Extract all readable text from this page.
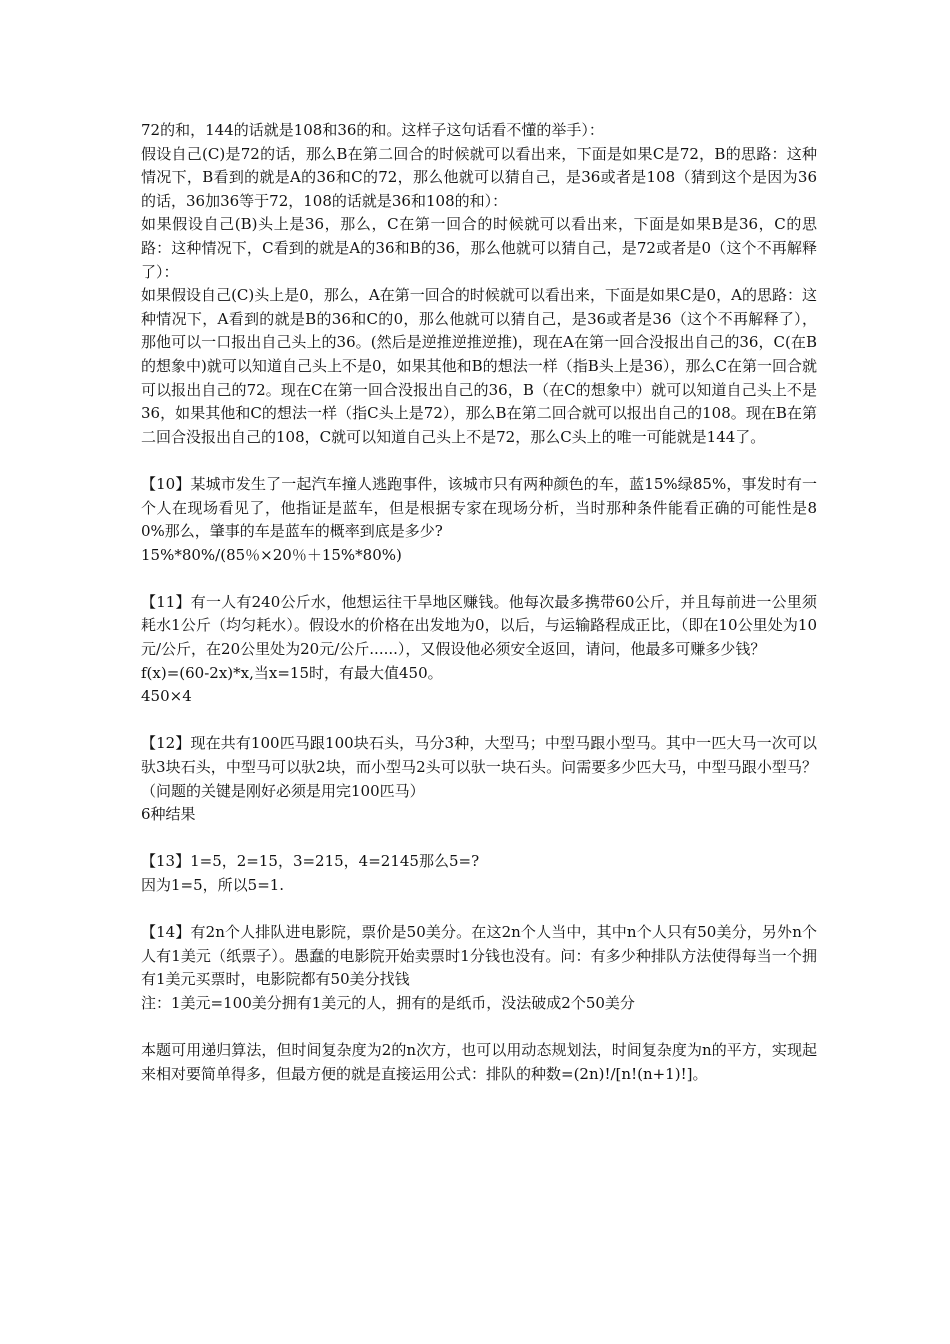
72的和，144的话就是108和36的和。这样子这句话看不懂的举手）：

假设自己(C)是72的话，那么B在第二回合的时候就可以看出来，下面是如果C是72，B的思路：这种情况下，B看到的就是A的36和C的72，那么他就可以猜自己，是36或者是108（猜到这个是因为36的话，36加36等于72，108的话就是36和108的和）：

如果假设自己(B)头上是36，那么，C在第一回合的时候就可以看出来，下面是如果B是36，C的思路：这种情况下，C看到的就是A的36和B的36，那么他就可以猜自己，是72或者是0（这个不再解释了）：

如果假设自己(C)头上是0，那么，A在第一回合的时候就可以看出来，下面是如果C是0，A的思路：这种情况下，A看到的就是B的36和C的0，那么他就可以猜自己，是36或者是36（这个不再解释了），那他可以一口报出自己头上的36。(然后是逆推逆推逆推)，现在A在第一回合没报出自己的36，C(在B的想象中)就可以知道自己头上不是0，如果其他和B的想法一样（指B头上是36），那么C在第一回合就可以报出自己的72。现在C在第一回合没报出自己的36，B（在C的想象中）就可以知道自己头上不是36，如果其他和C的想法一样（指C头上是72），那么B在第二回合就可以报出自己的108。现在B在第二回合没报出自己的108，C就可以知道自己头上不是72，那么C头上的唯一可能就是144了。

【10】某城市发生了一起汽车撞人逃跑事件，该城市只有两种颜色的车，蓝15%绿85%，事发时有一个人在现场看见了，他指证是蓝车，但是根据专家在现场分析，当时那种条件能看正确的可能性是80%那么，肇事的车是蓝车的概率到底是多少?

15%*80%/(85％×20％＋15%*80%)

【11】有一人有240公斤水，他想运往干旱地区赚钱。他每次最多携带60公斤，并且每前进一公里须耗水1公斤（均匀耗水）。假设水的价格在出发地为0，以后，与运输路程成正比，（即在10公里处为10元/公斤，在20公里处为20元/公斤......），又假设他必须安全返回，请问，他最多可赚多少钱？

f(x)=(60-2x)*x,当x=15时，有最大值450。

450×4

【12】现在共有100匹马跟100块石头，马分3种，大型马；中型马跟小型马。其中一匹大马一次可以驮3块石头，中型马可以驮2块，而小型马2头可以驮一块石头。问需要多少匹大马，中型马跟小型马？（问题的关键是刚好必须是用完100匹马）

6种结果

【13】1=5，2=15，3=215，4=2145那么5=?

因为1=5，所以5=1.

【14】有2n个人排队进电影院，票价是50美分。在这2n个人当中，其中n个人只有50美分，另外n个人有1美元（纸票子）。愚蠢的电影院开始卖票时1分钱也没有。问：有多少种排队方法使得每当一个拥有1美元买票时，电影院都有50美分找钱

注：1美元=100美分拥有1美元的人，拥有的是纸币，没法破成2个50美分

本题可用递归算法，但时间复杂度为2的n次方，也可以用动态规划法，时间复杂度为n的平方，实现起来相对要简单得多，但最方便的就是直接运用公式：排队的种数=(2n)!/[n!(n+1)!]。
